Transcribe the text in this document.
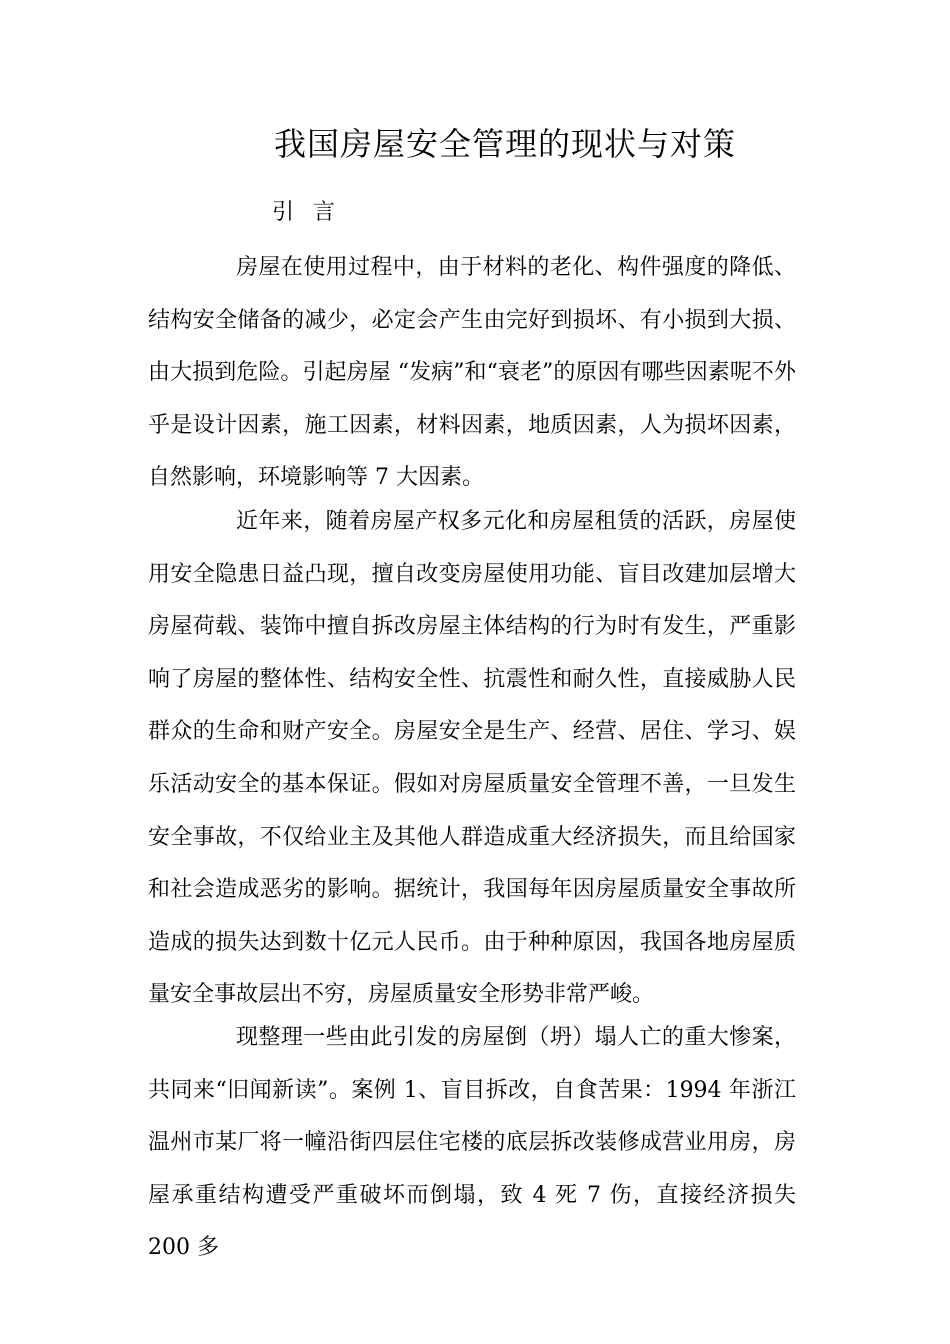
我国房屋安全管理的现状与对策
引 言

房屋在使用过程中，由于材料的老化、构件强度的降低、结构安全储备的减少，必定会产生由完好到损坏、有小损到大损、由大损到危险。引起房屋 “发病”和“衰老”的原因有哪些因素呢不外乎是设计因素，施工因素，材料因素，地质因素，人为损坏因素，自然影响，环境影响等 7 大因素。

近年来，随着房屋产权多元化和房屋租赁的活跃，房屋使用安全隐患日益凸现，擅自改变房屋使用功能、盲目改建加层增大房屋荷载、装饰中擅自拆改房屋主体结构的行为时有发生，严重影响了房屋的整体性、结构安全性、抗震性和耐久性，直接威胁人民群众的生命和财产安全。房屋安全是生产、经营、居住、学习、娱乐活动安全的基本保证。假如对房屋质量安全管理不善，一旦发生安全事故，不仅给业主及其他人群造成重大经济损失，而且给国家和社会造成恶劣的影响。据统计，我国每年因房屋质量安全事故所造成的损失达到数十亿元人民币。由于种种原因，我国各地房屋质量安全事故层出不穷，房屋质量安全形势非常严峻。

现整理一些由此引发的房屋倒（坍）塌人亡的重大惨案，共同来“旧闻新读”。案例 1、盲目拆改，自食苦果：1994 年浙江温州市某厂将一幢沿街四层住宅楼的底层拆改装修成营业用房，房屋承重结构遭受严重破坏而倒塌，致 4 死 7 伤，直接经济损失 200 多
